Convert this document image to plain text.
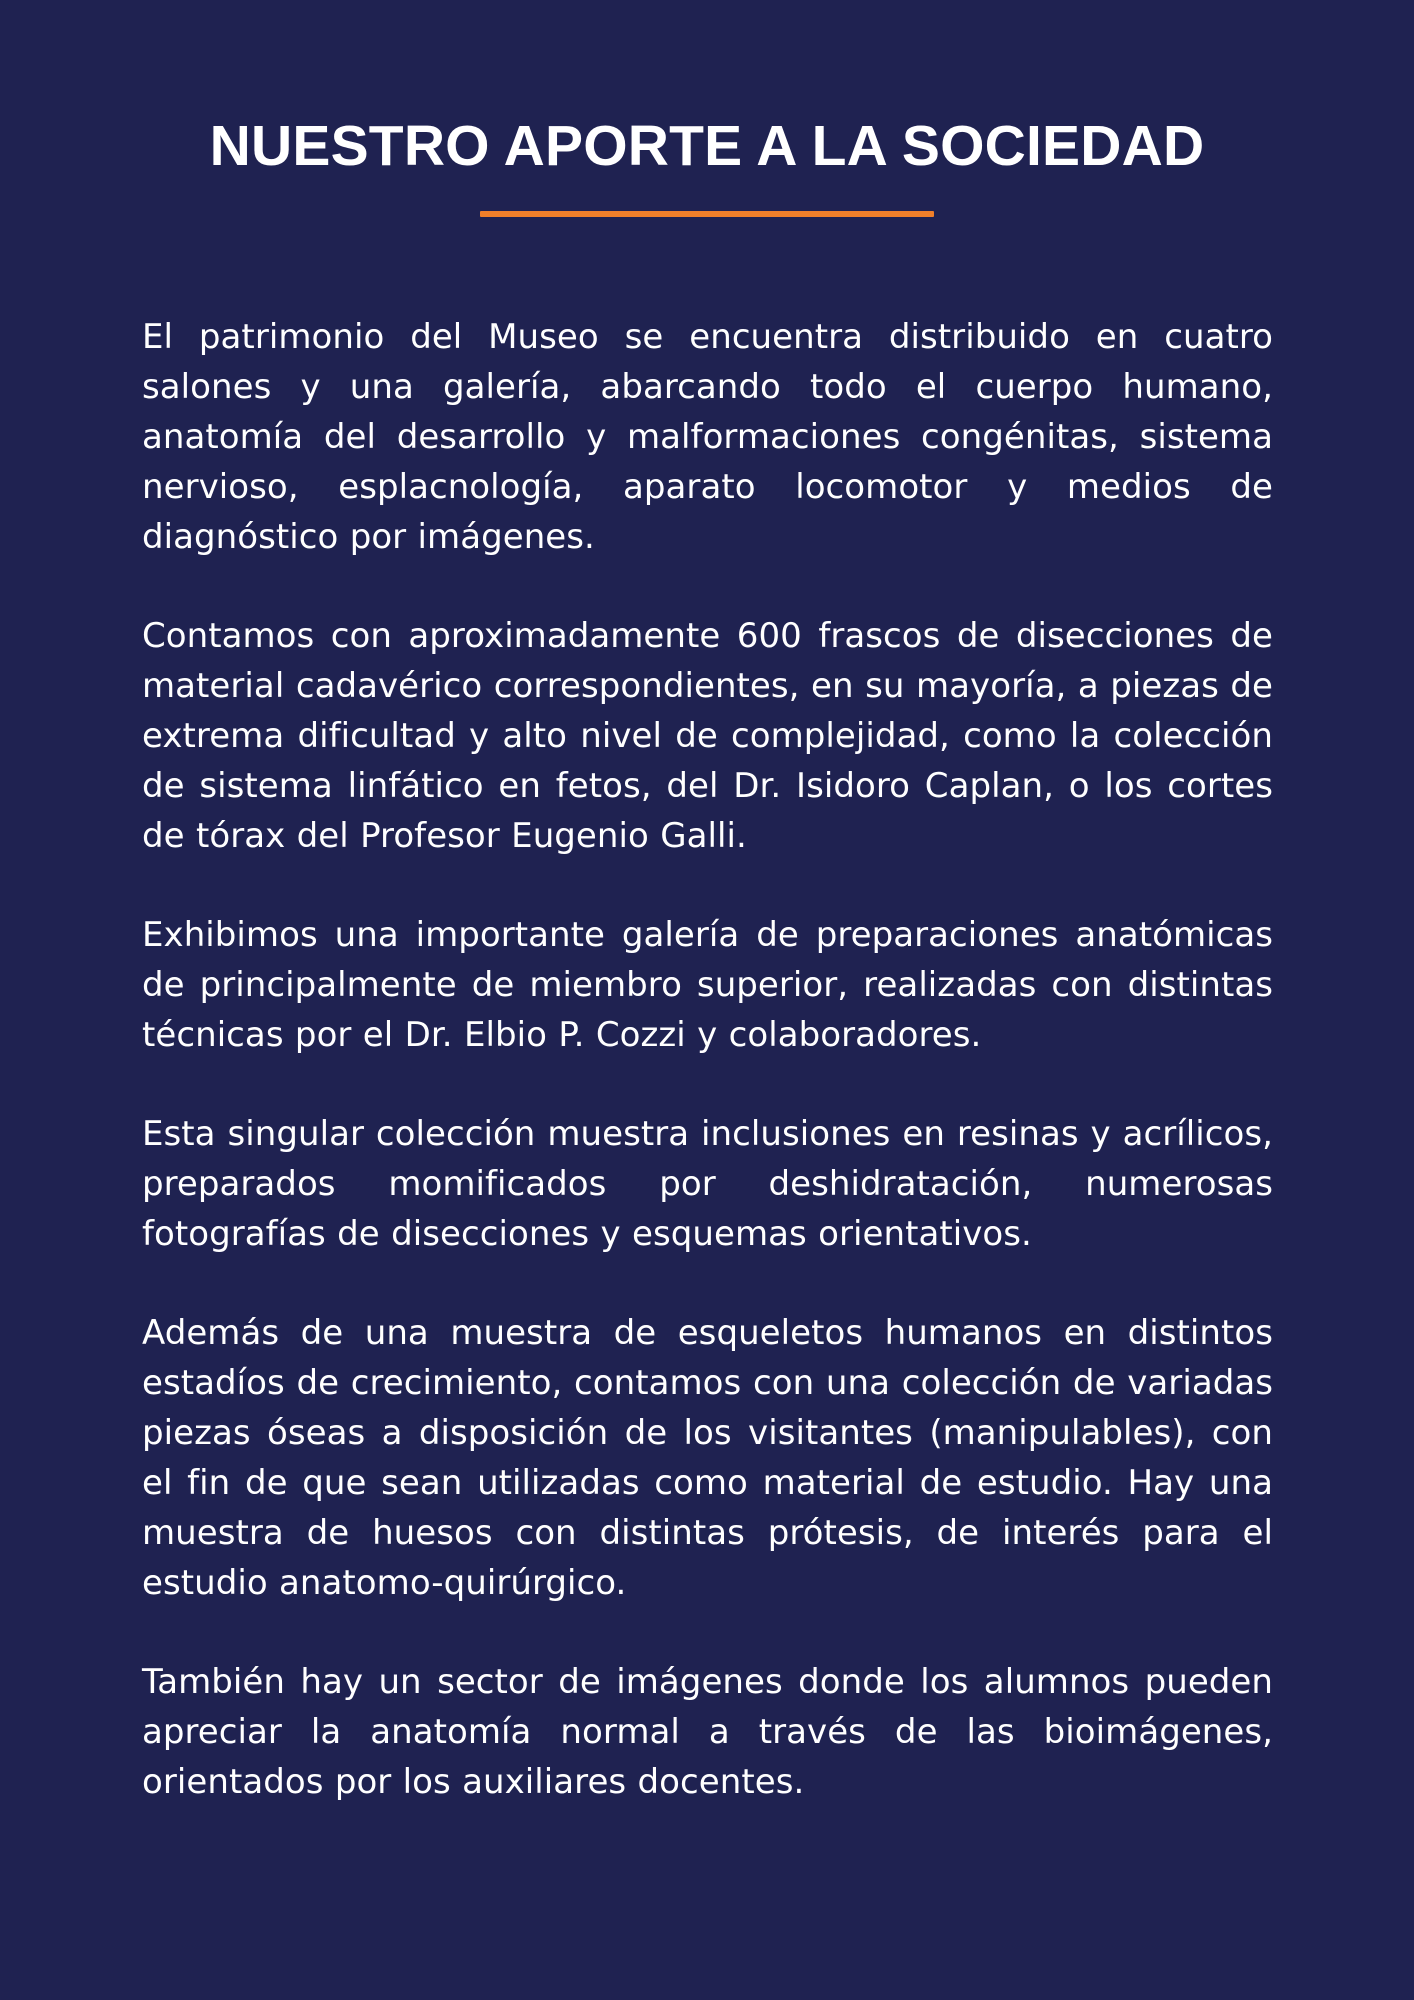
NUESTRO APORTE A LA SOCIEDAD

El patrimonio del Museo se encuentra distribuido en cuatro salones y una galería, abarcando todo el cuerpo humano, anatomía del desarrollo y malformaciones congénitas, sistema nervioso, esplacnología, aparato locomotor y medios de diagnóstico por imágenes.

Contamos con aproximadamente 600 frascos de disecciones de material cadavérico correspondientes, en su mayoría, a piezas de extrema dificultad y alto nivel de complejidad, como la colección de sistema linfático en fetos, del Dr. Isidoro Caplan, o los cortes de tórax del Profesor Eugenio Galli.

Exhibimos una importante galería de preparaciones anatómicas de principalmente de miembro superior, realizadas con distintas técnicas por el Dr. Elbio P. Cozzi y colaboradores.

Esta singular colección muestra inclusiones en resinas y acrílicos, preparados momificados por deshidratación, numerosas fotografías de disecciones y esquemas orientativos.

Además de una muestra de esqueletos humanos en distintos estadíos de crecimiento, contamos con una colección de variadas piezas óseas a disposición de los visitantes (manipulables), con el fin de que sean utilizadas como material de estudio. Hay una muestra de huesos con distintas prótesis, de interés para el estudio anatomo-quirúrgico.

También hay un sector de imágenes donde los alumnos pueden apreciar la anatomía normal a través de las bioimágenes, orientados por los auxiliares docentes.
